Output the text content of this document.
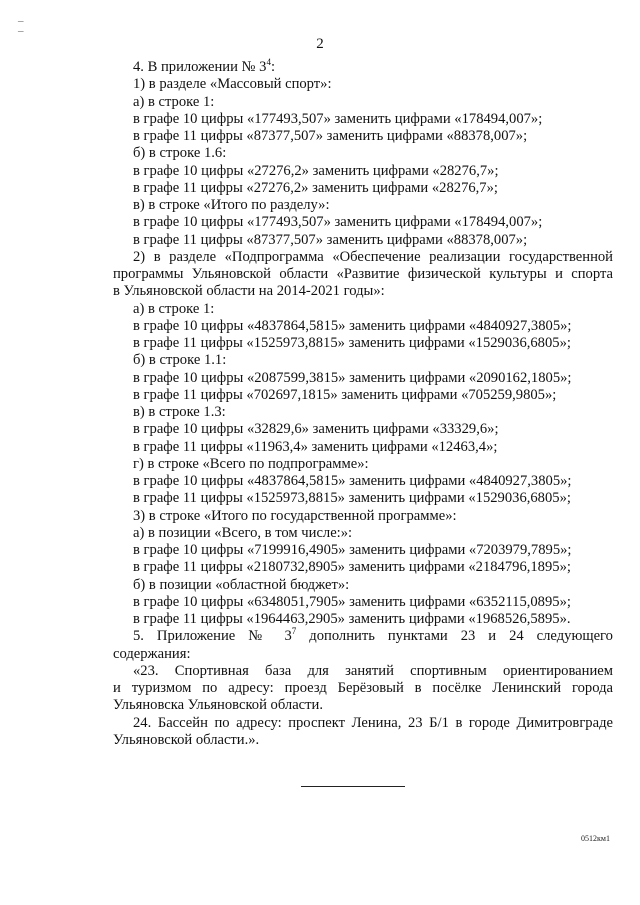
–
–
2
4. В приложении № $3^4$:
1) в разделе «Массовый спорт»:
а) в строке 1:
в графе 10 цифры «177493,507» заменить цифрами «178494,007»;
в графе 11 цифры «87377,507» заменить цифрами «88378,007»;
б) в строке 1.6:
в графе 10 цифры «27276,2» заменить цифрами «28276,7»;
в графе 11 цифры «27276,2» заменить цифрами «28276,7»;
в) в строке «Итого по разделу»:
в графе 10 цифры «177493,507» заменить цифрами «178494,007»;
в графе 11 цифры «87377,507» заменить цифрами «88378,007»;
2) в разделе «Подпрограмма «Обеспечение реализации государственной
программы Ульяновской области «Развитие физической культуры и спорта
в Ульяновской области на 2014-2021 годы»:
а) в строке 1:
в графе 10 цифры «4837864,5815» заменить цифрами «4840927,3805»;
в графе 11 цифры «1525973,8815» заменить цифрами «1529036,6805»;
б) в строке 1.1:
в графе 10 цифры «2087599,3815» заменить цифрами «2090162,1805»;
в графе 11 цифры «702697,1815» заменить цифрами «705259,9805»;
в) в строке 1.3:
в графе 10 цифры «32829,6» заменить цифрами «33329,6»;
в графе 11 цифры «11963,4» заменить цифрами «12463,4»;
г) в строке «Всего по подпрограмме»:
в графе 10 цифры «4837864,5815» заменить цифрами «4840927,3805»;
в графе 11 цифры «1525973,8815» заменить цифрами «1529036,6805»;
3) в строке «Итого по государственной программе»:
а) в позиции «Всего, в том числе:»:
в графе 10 цифры «7199916,4905» заменить цифрами «7203979,7895»;
в графе 11 цифры «2180732,8905» заменить цифрами «2184796,1895»;
б) в позиции «областной бюджет»:
в графе 10 цифры «6348051,7905» заменить цифрами «6352115,0895»;
в графе 11 цифры «1964463,2905» заменить цифрами «1968526,5895».
5. Приложение № $3^7$ дополнить пунктами 23 и 24 следующего
содержания:
«23. Спортивная база для занятий спортивным ориентированием
и туризмом по адресу: проезд Берёзовый в посёлке Ленинский города
Ульяновска Ульяновской области.
24. Бассейн по адресу: проспект Ленина, 23 Б/1 в городе Димитровграде
Ульяновской области.».
0512км1
